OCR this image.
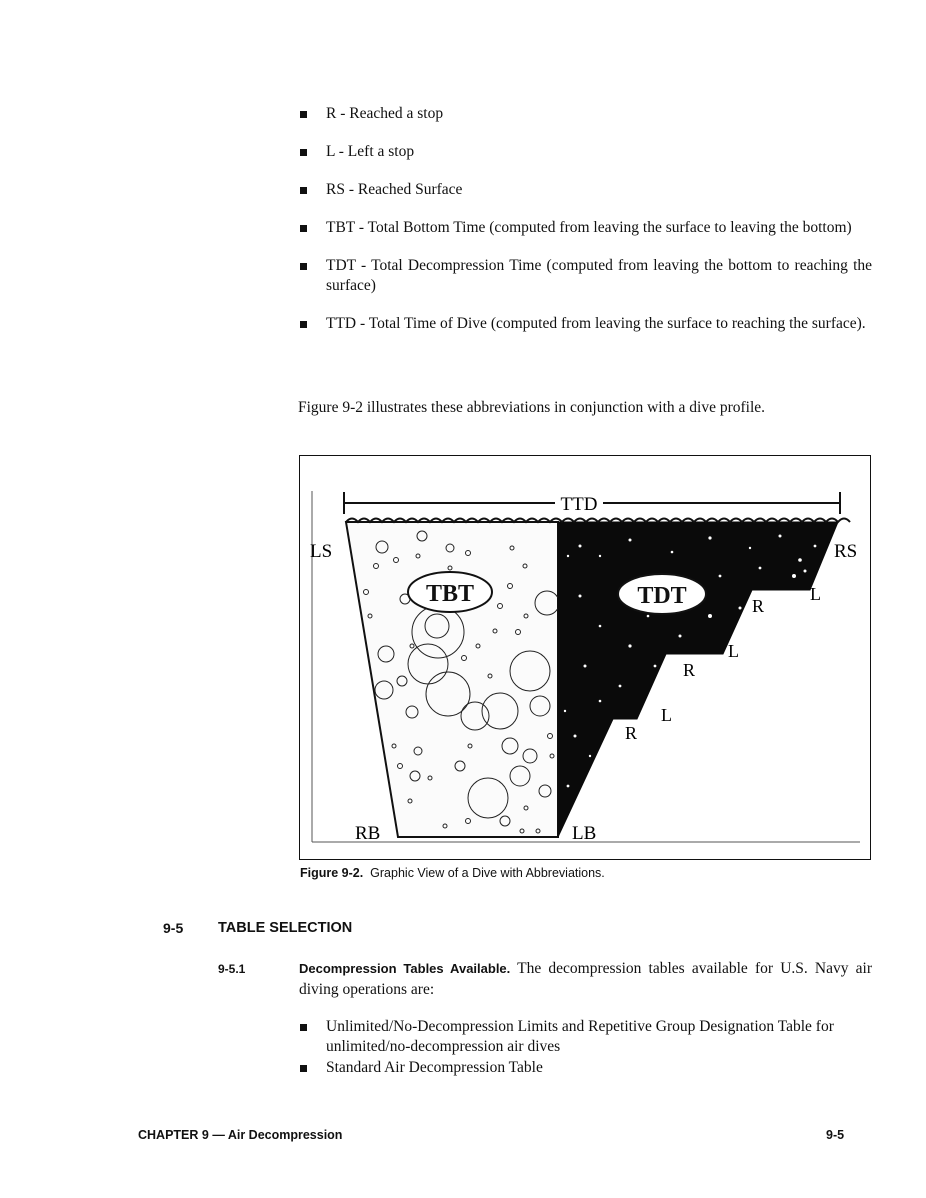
R - Reached a stop
L - Left a stop
RS - Reached Surface
TBT - Total Bottom Time (computed from leaving the surface to leaving the bottom)
TDT - Total Decompression Time (computed from leaving the bottom to reaching the surface)
TTD - Total Time of Dive (computed from leaving the surface to reaching the surface).

Figure 9-2 illustrates these abbreviations in conjunction with a dive profile.

TTD
TBT	TDT
LS	RS
RB	LB
L
R
L
R
L
R

Figure 9-2. Graphic View of a Dive with Abbreviations.

9-5 TABLE SELECTION
9-5.1	Decompression Tables Available. The decompression tables available for U.S. Navy air diving operations are:

Unlimited/No-Decompression Limits and Repetitive Group Designation Table for unlimited/no-decompression air dives
Standard Air Decompression Table
CHAPTER 9 — Air Decompression	9-5
